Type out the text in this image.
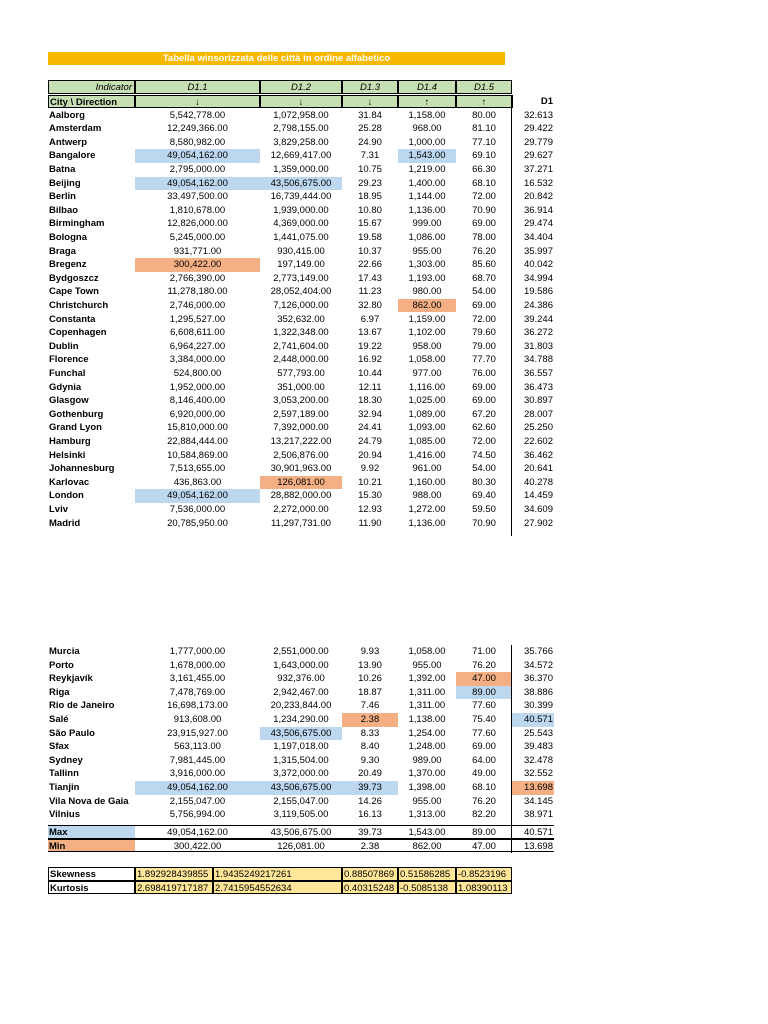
Tabella winsorizzata delle città in ordine alfabetico
Indicator	D1.1	D1.2	D1.3	D1.4	D1.5
City \ Direction	↓	↓	↓	↑	↑	D1
Aalborg	5,542,778.00	1,072,958.00	31.84	1,158.00	80.00	32.613
Amsterdam	12,249,366.00	2,798,155.00	25.28	968.00	81.10	29.422
Antwerp	8,580,982.00	3,829,258.00	24.90	1,000.00	77.10	29.779
Bangalore	49,054,162.00	12,669,417.00	7.31	1,543.00	69.10	29.627
Batna	2,795,000.00	1,359,000.00	10.75	1,219.00	66.30	37.271
Beijing	49,054,162.00	43,506,675.00	29.23	1,400.00	68.10	16.532
Berlin	33,497,500.00	16,739,444.00	18.95	1,144.00	72.00	20.842
Bilbao	1,810,678.00	1,939,000.00	10.80	1,136.00	70.90	36.914
Birmingham	12,826,000.00	4,369,000.00	15.67	999.00	69.00	29.474
Bologna	5,245,000.00	1,441,075.00	19.58	1,086.00	78.00	34.404
Braga	931,771.00	930,415.00	10.37	955.00	76.20	35.997
Bregenz	300,422.00	197,149.00	22.66	1,303.00	85.60	40.042
Bydgoszcz	2,766,390.00	2,773,149.00	17.43	1,193.00	68.70	34.994
Cape Town	11,278,180.00	28,052,404.00	11.23	980.00	54.00	19.586
Christchurch	2,746,000.00	7,126,000.00	32.80	862.00	69.00	24.386
Constanta	1,295,527.00	352,632.00	6.97	1,159.00	72.00	39.244
Copenhagen	6,608,611.00	1,322,348.00	13.67	1,102.00	79.60	36.272
Dublin	6,964,227.00	2,741,604.00	19.22	958.00	79.00	31.803
Florence	3,384,000.00	2,448,000.00	16.92	1,058.00	77.70	34.788
Funchal	524,800.00	577,793.00	10.44	977.00	76.00	36.557
Gdynia	1,952,000.00	351,000.00	12.11	1,116.00	69.00	36.473
Glasgow	8,146,400.00	3,053,200.00	18.30	1,025.00	69.00	30.897
Gothenburg	6,920,000.00	2,597,189.00	32.94	1,089.00	67.20	28.007
Grand Lyon	15,810,000.00	7,392,000.00	24.41	1,093.00	62.60	25.250
Hamburg	22,884,444.00	13,217,222.00	24.79	1,085.00	72.00	22.602
Helsinki	10,584,869.00	2,506,876.00	20.94	1,416.00	74.50	36.462
Johannesburg	7,513,655.00	30,901,963.00	9.92	961.00	54.00	20.641
Karlovac	436,863.00	126,081.00	10.21	1,160.00	80.30	40.278
London	49,054,162.00	28,882,000.00	15.30	988.00	69.40	14.459
Lviv	7,536,000.00	2,272,000.00	12.93	1,272.00	59.50	34.609
Madrid	20,785,950.00	11,297,731.00	11.90	1,136.00	70.90	27.902
Murcia	1,777,000.00	2,551,000.00	9.93	1,058.00	71.00	35.766
Porto	1,678,000.00	1,643,000.00	13.90	955.00	76.20	34.572
Reykjavík	3,161,455.00	932,376.00	10.26	1,392.00	47.00	36.370
Riga	7,478,769.00	2,942,467.00	18.87	1,311.00	89.00	38.886
Rio de Janeiro	16,698,173.00	20,233,844.00	7.46	1,311.00	77.60	30.399
Salé	913,608.00	1,234,290.00	2.38	1,138.00	75.40	40.571
São Paulo	23,915,927.00	43,506,675.00	8.33	1,254.00	77.60	25.543
Sfax	563,113.00	1,197,018.00	8.40	1,248.00	69.00	39.483
Sydney	7,981,445.00	1,315,504.00	9.30	989.00	64.00	32.478
Tallinn	3,916,000.00	3,372,000.00	20.49	1,370.00	49.00	32.552
Tianjin	49,054,162.00	43,506,675.00	39.73	1,398.00	68.10	13.698
Vila Nova de Gaia	2,155,047.00	2,155,047.00	14.26	955.00	76.20	34.145
Vilnius	5,756,994.00	3,119,505.00	16.13	1,313.00	82.20	38.971
Max	49,054,162.00	43,506,675.00	39.73	1,543.00	89.00	40.571
Min	300,422.00	126,081.00	2.38	862.00	47.00	13.698
Skewness	1.892928439855 1.9435249217261	0.88507869 0.51586285 -0.8523196
Kurtosis	2.698419717187 2.7415954552634	0.40315248 -0.5085138	1.08390113
